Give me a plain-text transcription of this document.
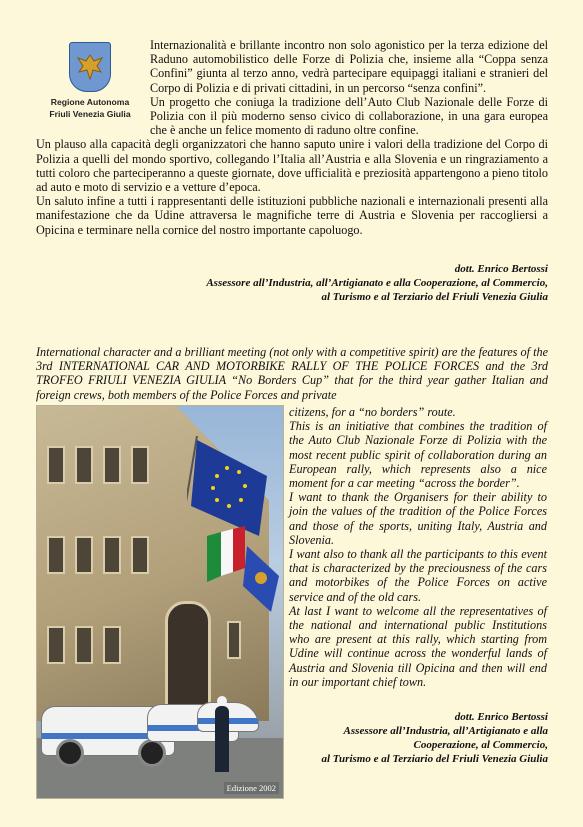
Regione Autonoma
Friuli Venezia Giulia

Internazionalità e brillante incontro non solo agonistico per la terza edizione del Raduno automobilistico delle Forze di Polizia che, insieme alla “Coppa senza Confini” giunta al terzo anno, vedrà partecipare equipaggi italiani e stranieri del Corpo di Polizia e di privati cittadini, in un percorso “senza confini”.

Un progetto che coniuga la tradizione dell’Auto Club Nazionale delle Forze di Polizia con il più moderno senso civico di collaborazione, in una gara europea che è anche un felice momento di raduno oltre confine.

Un plauso alla capacità degli organizzatori che hanno saputo unire i valori della tradizione del Corpo di Polizia a quelli del mondo sportivo, collegando l’Italia all’Austria e alla Slovenia e un ringraziamento a tutti coloro che parteciperanno a queste giornate, dove ufficialità e preziosità appartengono a pieno titolo ad auto e moto di servizio e a vetture d’epoca.

Un saluto infine a tutti i rappresentanti delle istituzioni pubbliche nazionali e internazionali presenti alla manifestazione che da Udine attraversa le magnifiche terre di Austria e Slovenia per raccogliersi a Opicina e terminare nella cornice del nostro importante capoluogo.

dott. Enrico Bertossi
Assessore all’Industria, all’Artigianato e alla Cooperazione, al Commercio,
al Turismo e al Terziario del Friuli Venezia Giulia
International character and a brilliant meeting (not only with a competitive spirit) are the features of the 3rd INTERNATIONAL CAR AND MOTORBIKE RALLY OF THE POLICE FORCES and the 3rd TROFEO FRIULI VENEZIA GIULIA “No Borders Cup” that for the third year gather Italian and foreign crews, both members of the Police Forces and private
Edizione 2002

citizens, for a “no borders” route.

This is an initiative that combines the tradition of the Auto Club Nazionale Forze di Polizia with the most recent public spirit of collaboration during an European rally, which represents also a nice moment for a car meeting “across the border”.

I want to thank the Organisers for their ability to join the values of the tradition of the Police Forces and those of the sports, uniting Italy, Austria and Slovenia.

I want also to thank all the participants to this event that is characterized by the preciousness of the cars and motorbikes of the Police Forces on active service and of the old cars.

At last I want to welcome all the representatives of the national and international public Institutions who are present at this rally, which starting from Udine will continue across the wonderful lands of Austria and Slovenia till Opicina and then will end in our important chief town.

dott. Enrico Bertossi
Assessore all’Industria, all’Artigianato e alla
Cooperazione, al Commercio,
al Turismo e al Terziario del Friuli Venezia Giulia
